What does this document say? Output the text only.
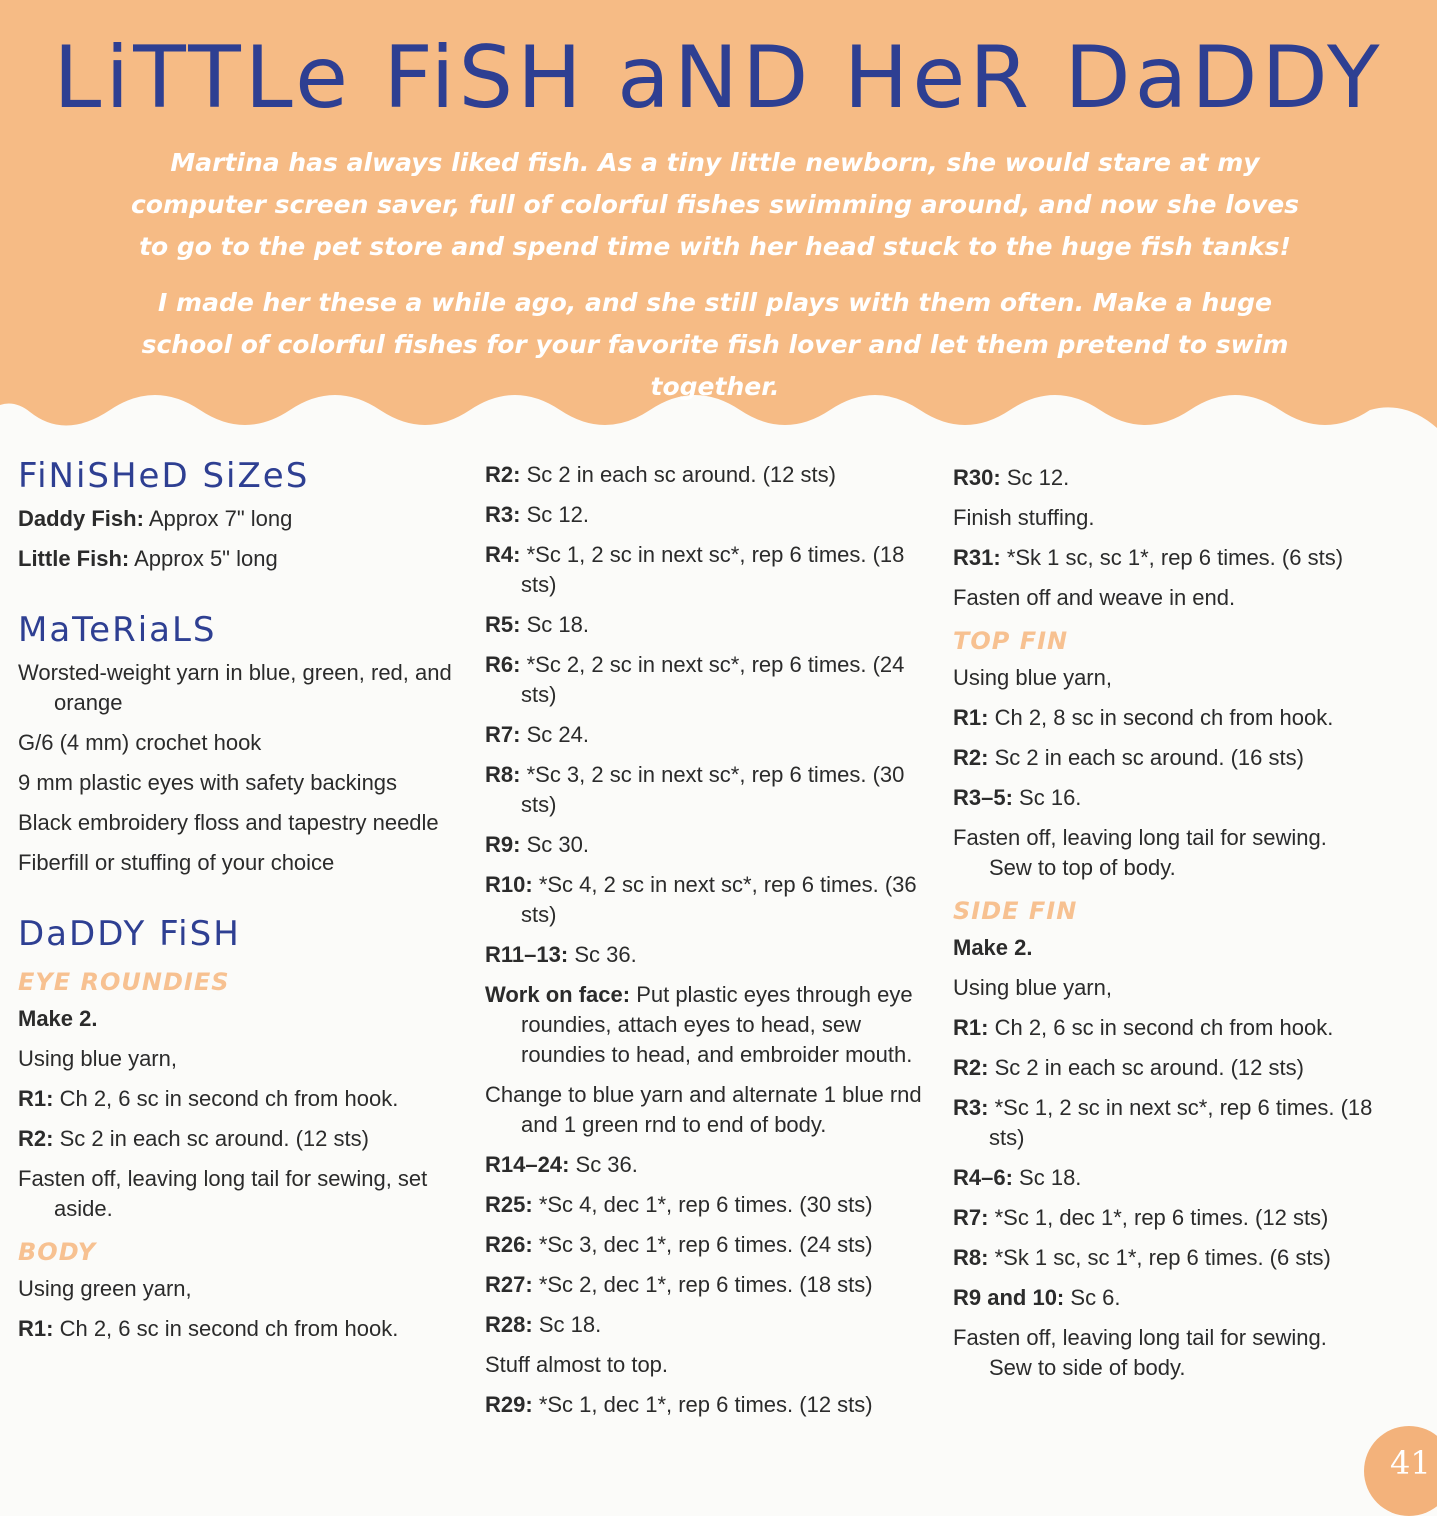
LiTTLe FiSH aND HeR DaDDY

Martina has always liked fish. As a tiny little newborn, she would stare at my computer screen saver, full of colorful fishes swimming around, and now she loves to go to the pet store and spend time with her head stuck to the huge fish tanks!

I made her these a while ago, and she still plays with them often. Make a huge school of colorful fishes for your favorite fish lover and let them pretend to swim together.

FiNiSHeD SiZeS

Daddy Fish: Approx 7" long

Little Fish: Approx 5" long

MaTeRiaLS

Worsted-weight yarn in blue, green, red, and orange

G/6 (4 mm) crochet hook

9 mm plastic eyes with safety backings

Black embroidery floss and tapestry needle

Fiberfill or stuffing of your choice

DaDDY FiSH
EYE ROUNDIES

Make 2.

Using blue yarn,

R1: Ch 2, 6 sc in second ch from hook.

R2: Sc 2 in each sc around. (12 sts)

Fasten off, leaving long tail for sewing, set aside.

BODY

Using green yarn,

R1: Ch 2, 6 sc in second ch from hook.

R2: Sc 2 in each sc around. (12 sts)

R3: Sc 12.

R4: *Sc 1, 2 sc in next sc*, rep 6 times. (18 sts)

R5: Sc 18.

R6: *Sc 2, 2 sc in next sc*, rep 6 times. (24 sts)

R7: Sc 24.

R8: *Sc 3, 2 sc in next sc*, rep 6 times. (30 sts)

R9: Sc 30.

R10: *Sc 4, 2 sc in next sc*, rep 6 times. (36 sts)

R11–13: Sc 36.

Work on face: Put plastic eyes through eye roundies, attach eyes to head, sew roundies to head, and embroider mouth.

Change to blue yarn and alternate 1 blue rnd and 1 green rnd to end of body.

R14–24: Sc 36.

R25: *Sc 4, dec 1*, rep 6 times. (30 sts)

R26: *Sc 3, dec 1*, rep 6 times. (24 sts)

R27: *Sc 2, dec 1*, rep 6 times. (18 sts)

R28: Sc 18.

Stuff almost to top.

R29: *Sc 1, dec 1*, rep 6 times. (12 sts)

R30: Sc 12.

Finish stuffing.

R31: *Sk 1 sc, sc 1*, rep 6 times. (6 sts)

Fasten off and weave in end.

TOP FIN

Using blue yarn,

R1: Ch 2, 8 sc in second ch from hook.

R2: Sc 2 in each sc around. (16 sts)

R3–5: Sc 16.

Fasten off, leaving long tail for sewing. Sew to top of body.

SIDE FIN

Make 2.

Using blue yarn,

R1: Ch 2, 6 sc in second ch from hook.

R2: Sc 2 in each sc around. (12 sts)

R3: *Sc 1, 2 sc in next sc*, rep 6 times. (18 sts)

R4–6: Sc 18.

R7: *Sc 1, dec 1*, rep 6 times. (12 sts)

R8: *Sk 1 sc, sc 1*, rep 6 times. (6 sts)

R9 and 10: Sc 6.

Fasten off, leaving long tail for sewing. Sew to side of body.

41
